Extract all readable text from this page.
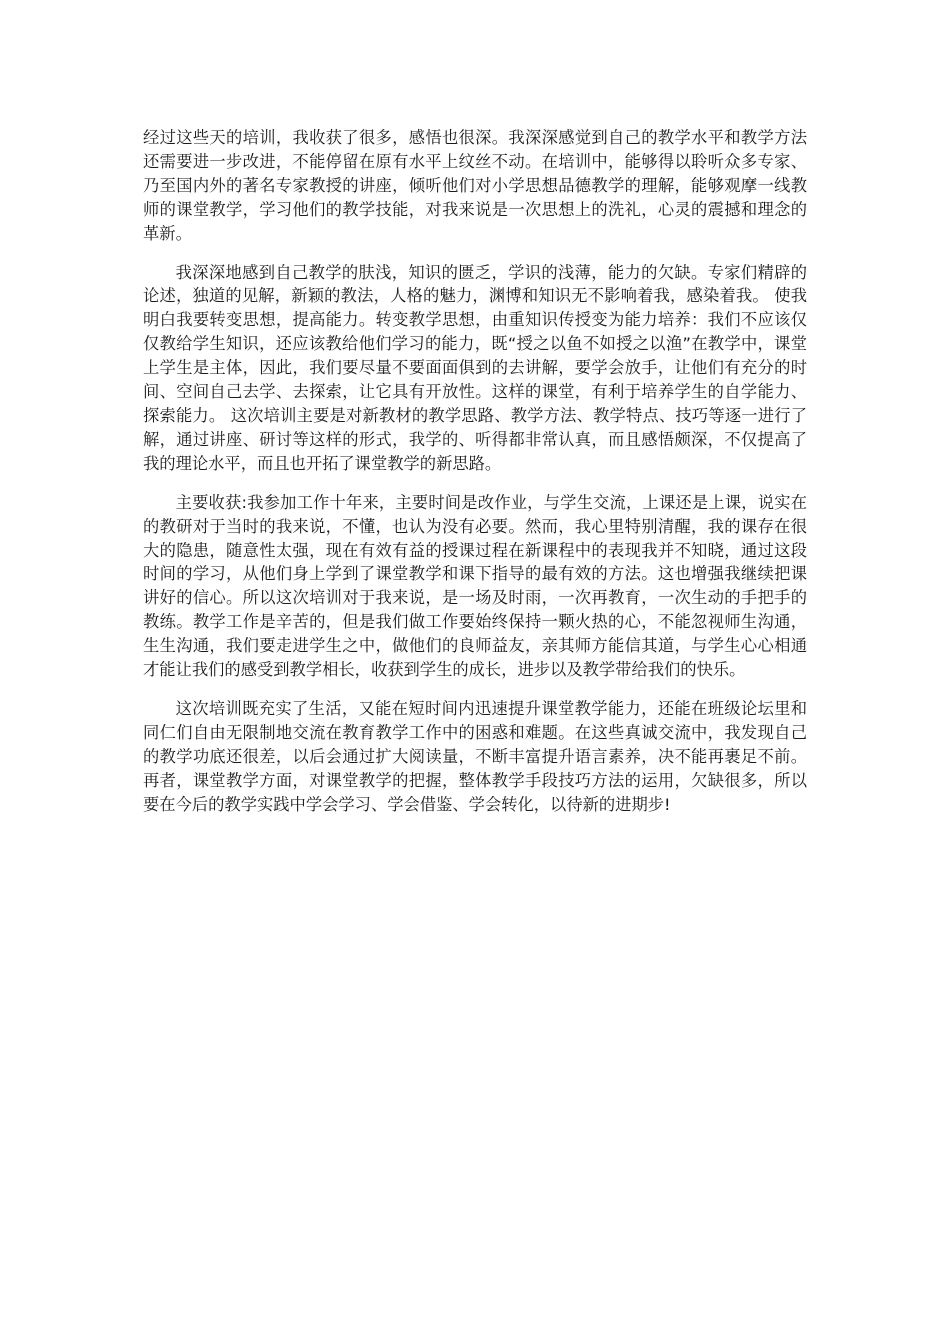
经过这些天的培训，我收获了很多，感悟也很深。我深深感觉到自己的教学水平和教学方法还需要进一步改进，不能停留在原有水平上纹丝不动。在培训中，能够得以聆听众多专家、乃至国内外的著名专家教授的讲座，倾听他们对小学思想品德教学的理解，能够观摩一线教师的课堂教学，学习他们的教学技能，对我来说是一次思想上的洗礼，心灵的震撼和理念的革新。

我深深地感到自己教学的肤浅，知识的匮乏，学识的浅薄，能力的欠缺。专家们精辟的论述，独道的见解，新颖的教法，人格的魅力，渊博和知识无不影响着我，感染着我。 使我明白我要转变思想，提高能力。转变教学思想，由重知识传授变为能力培养：我们不应该仅仅教给学生知识，还应该教给他们学习的能力，既“授之以鱼不如授之以渔”在教学中，课堂上学生是主体，因此，我们要尽量不要面面俱到的去讲解，要学会放手，让他们有充分的时间、空间自己去学、去探索，让它具有开放性。这样的课堂，有利于培养学生的自学能力、探索能力。 这次培训主要是对新教材的教学思路、教学方法、教学特点、技巧等逐一进行了解，通过讲座、研讨等这样的形式，我学的、听得都非常认真，而且感悟颇深，不仅提高了我的理论水平，而且也开拓了课堂教学的新思路。

主要收获:我参加工作十年来，主要时间是改作业，与学生交流，上课还是上课，说实在的教研对于当时的我来说，不懂，也认为没有必要。然而，我心里特别清醒，我的课存在很大的隐患，随意性太强，现在有效有益的授课过程在新课程中的表现我并不知晓，通过这段时间的学习，从他们身上学到了课堂教学和课下指导的最有效的方法。这也增强我继续把课讲好的信心。所以这次培训对于我来说，是一场及时雨，一次再教育，一次生动的手把手的教练。教学工作是辛苦的，但是我们做工作要始终保持一颗火热的心，不能忽视师生沟通，生生沟通，我们要走进学生之中，做他们的良师益友，亲其师方能信其道，与学生心心相通才能让我们的感受到教学相长，收获到学生的成长，进步以及教学带给我们的快乐。

这次培训既充实了生活，又能在短时间内迅速提升课堂教学能力，还能在班级论坛里和同仁们自由无限制地交流在教育教学工作中的困惑和难题。在这些真诚交流中，我发现自己的教学功底还很差，以后会通过扩大阅读量，不断丰富提升语言素养，决不能再裹足不前。再者，课堂教学方面，对课堂教学的把握，整体教学手段技巧方法的运用，欠缺很多，所以要在今后的教学实践中学会学习、学会借鉴、学会转化，以待新的进期步!
